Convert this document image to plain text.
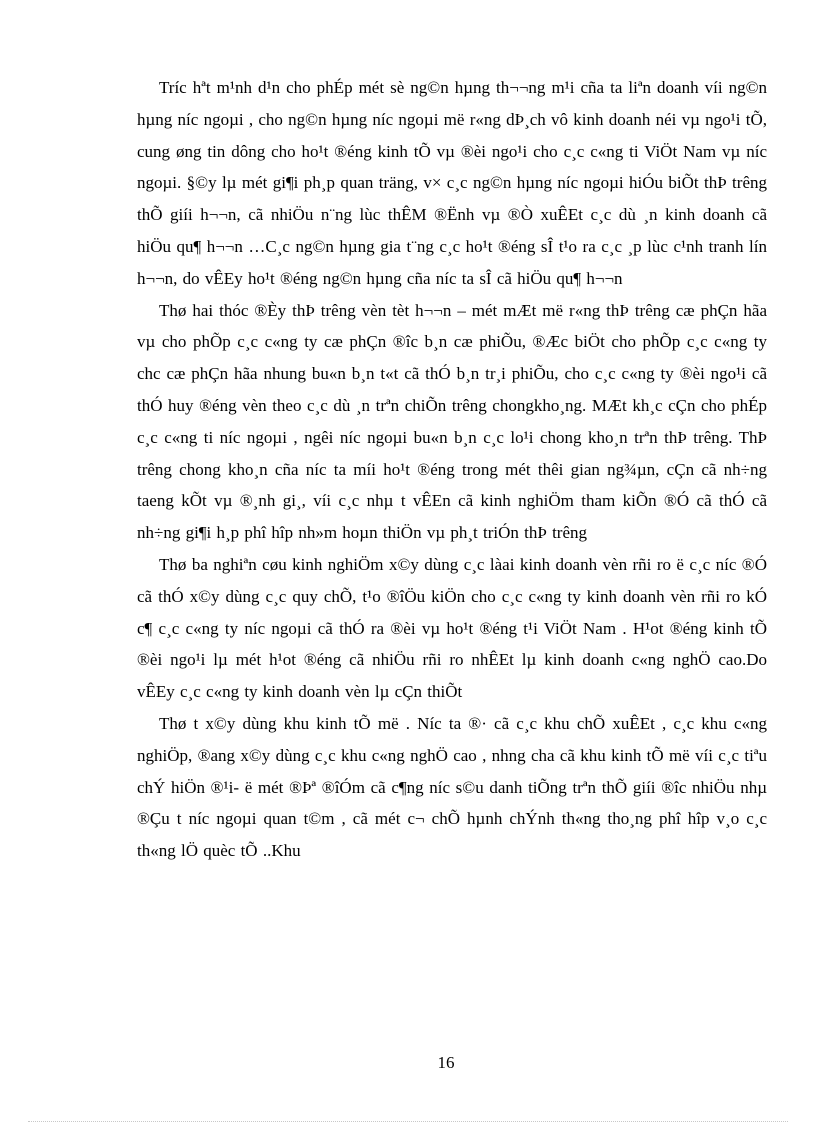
Tríc hªt m¹nh d¹n cho phÉp mét sè ng©n hµng th¬¬ng m¹i cña ta liªn doanh víi ng©n hµng níc ngoµi , cho ng©n hµng níc ngoµi më r«ng dÞ¸ch vô kinh doanh néi vµ ngo¹i tÕ, cung øng tin dông cho ho¹t ®éng kinh tÕ vµ ®èi ngo¹i cho c¸c c«ng ti ViÖt Nam vµ níc ngoµi. §©y lµ mét gi¶i ph¸p quan träng, v× c¸c ng©n hµng níc ngoµi hiÓu biÕt thÞ trêng thÕ giíi h¬¬n, cã nhiÖu n¨ng lùc thÊM ®Ënh vµ ®Ò xuÊEt c¸c dù ¸n kinh doanh cã hiÖu qu¶ h¬¬n …C¸c ng©n hµng gia t¨ng c¸c ho¹t ®éng sÎ t¹o ra c¸c ¸p lùc c¹nh tranh lín h¬¬n, do vÊEy ho¹t ®éng ng©n hµng cña níc ta sÎ cã hiÖu qu¶ h¬¬n

Thø hai thóc ®Èy thÞ trêng vèn tèt h¬¬n – mét mÆt më r«ng thÞ trêng cæ phÇn hãa vµ cho phÕp c¸c c«ng ty cæ phÇn ®îc b¸n cæ phiÕu, ®Æc biÖt cho phÕp c¸c c«ng ty chc cæ phÇn hãa nhung bu«n b¸n t«t cã thÓ b¸n tr¸i phiÕu, cho c¸c c«ng ty ®èi ngo¹i cã thÓ huy ®éng vèn theo c¸c dù ¸n trªn chiÕn trêng chongkho¸ng. MÆt kh¸c cÇn cho phÉp c¸c c«ng ti níc ngoµi , ngêi níc ngoµi bu«n b¸n c¸c lo¹i chong kho¸n trªn thÞ trêng. ThÞ trêng chong kho¸n cña níc ta míi ho¹t ®éng trong mét thêi gian ng¾µn, cÇn cã nh÷ng taeng kÕt vµ ®¸nh gi¸, víi c¸c nhµ t vÊEn cã kinh nghiÖm tham kiÕn ®Ó cã thÓ cã nh÷ng gi¶i h¸p phî hîp nh»m hoµn thiÖn vµ ph¸t triÓn thÞ trêng

Thø ba nghiªn cøu kinh nghiÖm x©y dùng c¸c làai kinh doanh vèn rñi ro ë c¸c níc ®Ó cã thÓ x©y dùng c¸c quy chÕ, t¹o ®îÖu kiÖn cho c¸c c«ng ty kinh doanh vèn rñi ro kÓ c¶ c¸c c«ng ty níc ngoµi cã thÓ ra ®èi vµ ho¹t ®éng t¹i ViÖt Nam . H¹ot ®éng kinh tÕ ®èi ngo¹i lµ mét h¹ot ®éng cã nhiÖu rñi ro nhÊEt lµ kinh doanh c«ng nghÖ cao.Do vÊEy c¸c c«ng ty kinh doanh vèn lµ cÇn thiÕt

Thø t x©y dùng khu kinh tÕ më . Níc ta ®· cã c¸c khu chÕ xuÊEt , c¸c khu c«ng nghiÖp, ®ang x©y dùng c¸c khu c«ng nghÖ cao , nhng cha cã khu kinh tÕ më víi c¸c tiªu chÝ hiÖn ®¹i- ë mét ®Þª ®îÓm cã c¶ng níc s©u danh tiÕng trªn thÕ giíi ®îc nhiÖu nhµ ®Çu t níc ngoµi quan t©m , cã mét c¬ chÕ hµnh chÝnh th«ng tho¸ng phî hîp v¸o c¸c th«ng lÖ quèc tÕ ..Khu

16
